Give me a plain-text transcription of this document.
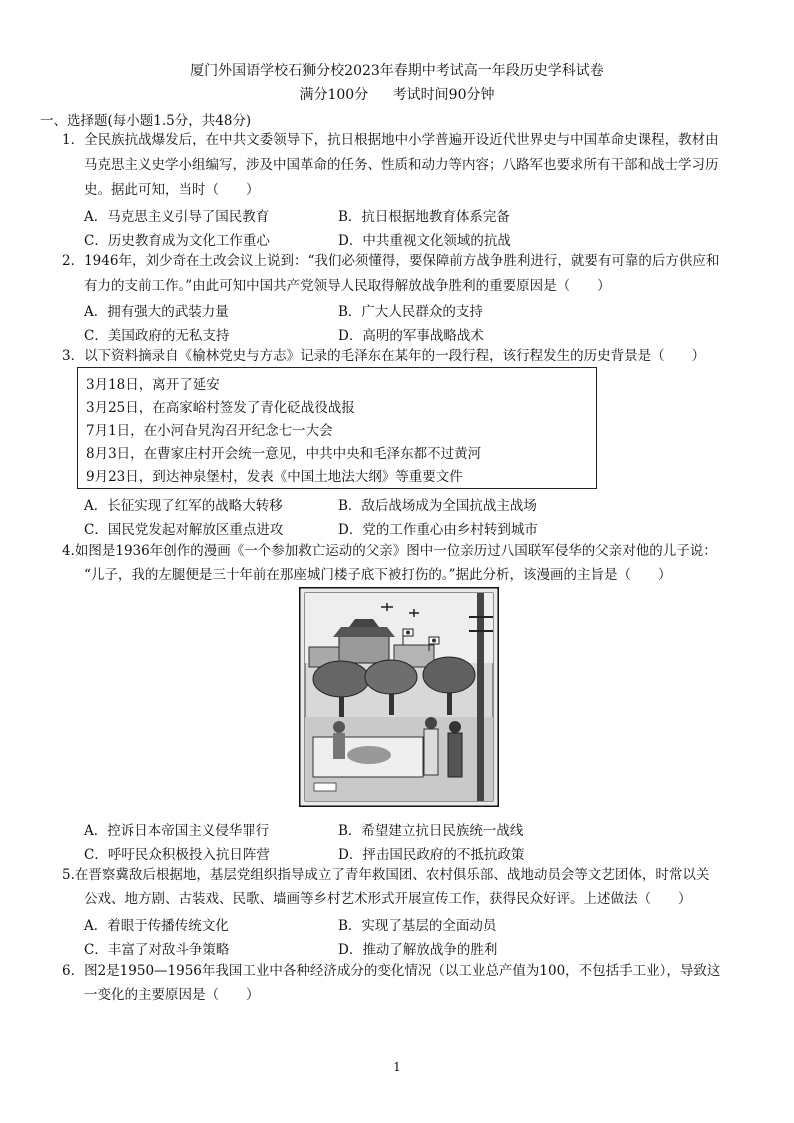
厦门外国语学校石狮分校2023年春期中考试高一年段历史学科试卷
满分100分 考试时间90分钟
一、选择题(每小题1.5分，共48分)
1．全民族抗战爆发后，在中共文委领导下，抗日根据地中小学普遍开设近代世界史与中国革命史课程，教材由
马克思主义史学小组编写，涉及中国革命的任务、性质和动力等内容；八路军也要求所有干部和战士学习历
史。据此可知，当时（　　）
A．马克思主义引导了国民教育	B．抗日根据地教育体系完备
C．历史教育成为文化工作重心	D．中共重视文化领域的抗战
2．1946年，刘少奇在土改会议上说到：“我们必须懂得，要保障前方战争胜利进行，就要有可靠的后方供应和
有力的支前工作。”由此可知中国共产党领导人民取得解放战争胜利的重要原因是（　　）
A．拥有强大的武装力量	B．广大人民群众的支持
C．美国政府的无私支持	D．高明的军事战略战术
3．以下资料摘录自《榆林党史与方志》记录的毛泽东在某年的一段行程，该行程发生的历史背景是（　　）
3月18日，离开了延安
3月25日，在高家峪村签发了青化砭战役战报
7月1日，在小河旮旯沟召开纪念七一大会
8月3日，在曹家庄村开会统一意见，中共中央和毛泽东都不过黄河
9月23日，到达神泉堡村，发表《中国土地法大纲》等重要文件
A．长征实现了红军的战略大转移	B．敌后战场成为全国抗战主战场
C．国民党发起对解放区重点进攻	D．党的工作重心由乡村转到城市
4.如图是1936年创作的漫画《一个参加救亡运动的父亲》图中一位亲历过八国联军侵华的父亲对他的儿子说：
“儿子，我的左腿便是三十年前在那座城门楼子底下被打伤的。”据此分析，该漫画的主旨是（　　）
A．控诉日本帝国主义侵华罪行	B．希望建立抗日民族统一战线
C．呼吁民众积极投入抗日阵营	D．抨击国民政府的不抵抗政策
5.在晋察冀敌后根据地，基层党组织指导成立了青年救国团、农村俱乐部、战地动员会等文艺团体，时常以关
公戏、地方剧、古装戏、民歌、墙画等乡村艺术形式开展宣传工作，获得民众好评。上述做法（　　）
A．着眼于传播传统文化	B．实现了基层的全面动员
C．丰富了对敌斗争策略	D．推动了解放战争的胜利
6．图2是1950—1956年我国工业中各种经济成分的变化情况（以工业总产值为100，不包括手工业），导致这
一变化的主要原因是（　　）
1
